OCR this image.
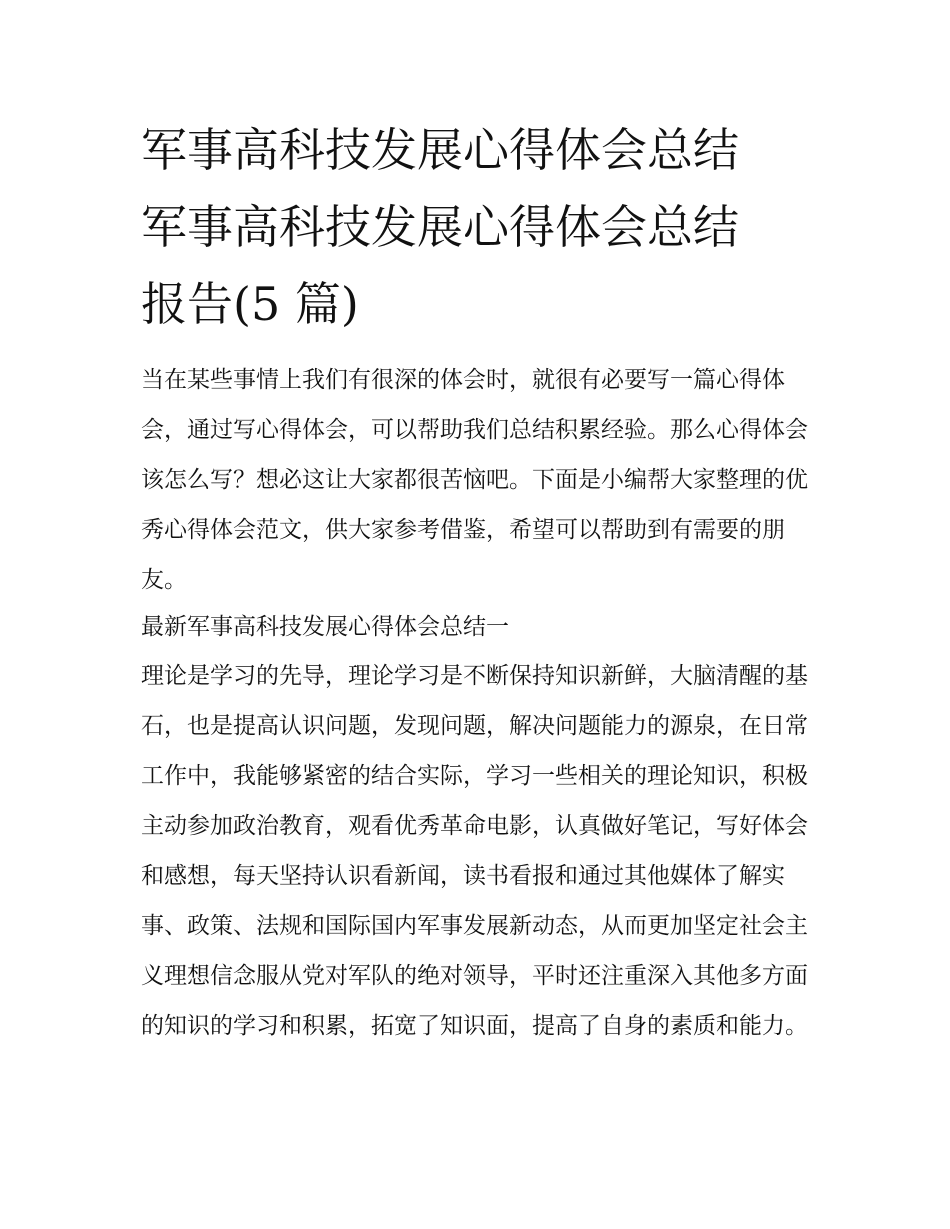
军事高科技发展心得体会总结
军事高科技发展心得体会总结
报告(5 篇)

当在某些事情上我们有很深的体会时，就很有必要写一篇心得体会，通过写心得体会，可以帮助我们总结积累经验。那么心得体会该怎么写？想必这让大家都很苦恼吧。下面是小编帮大家整理的优秀心得体会范文，供大家参考借鉴，希望可以帮助到有需要的朋友。

最新军事高科技发展心得体会总结一

理论是学习的先导，理论学习是不断保持知识新鲜，大脑清醒的基石，也是提高认识问题，发现问题，解决问题能力的源泉，在日常工作中，我能够紧密的结合实际，学习一些相关的理论知识，积极主动参加政治教育，观看优秀革命电影，认真做好笔记，写好体会和感想，每天坚持认识看新闻，读书看报和通过其他媒体了解实事、政策、法规和国际国内军事发展新动态，从而更加坚定社会主义理想信念服从党对军队的绝对领导，平时还注重深入其他多方面的知识的学习和积累，拓宽了知识面，提高了自身的素质和能力。
